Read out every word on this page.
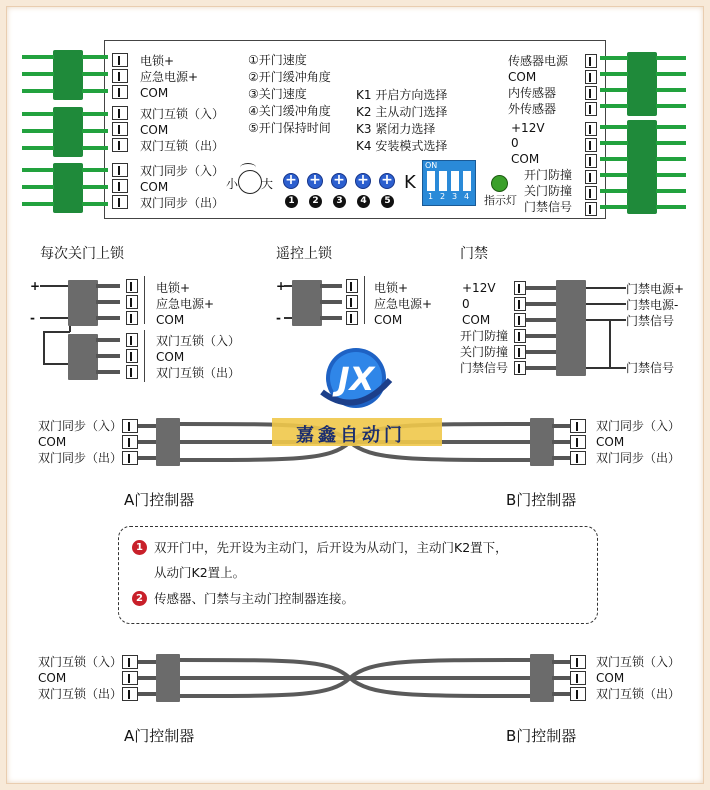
电锁+
应急电源+
COM
双门互锁（入）
COM
双门互锁（出）
双门同步（入）
COM
双门同步（出）
①开门速度
②开门缓冲角度
③关门速度
④关门缓冲角度
⑤开门保持时间
K1 开启方向选择
K2 主从动门选择
K3 紧闭力选择
K4 安装模式选择
小 大
+
+
+
+
+
1	2	3	4	5
K
ON
1 2 3 4 指示灯
传感器电源
COM
内传感器
外传感器
+12V
0
COM
开门防撞
关门防撞
门禁信号
每次关门上锁	遥控上锁	门禁
+
-
电锁+
应急电源+
COM
双门互锁（入）
COM
双门互锁（出）
+
-
电锁+
应急电源+
COM
+12V
0
COM
开门防撞
关门防撞
门禁信号
门禁电源+
门禁电源-
门禁信号
门禁信号
JX
嘉鑫自动门
双门同步（入）
COM
双门同步（出）
双门同步（入）
COM
双门同步（出）
A门控制器	B门控制器
1 双开门中，先开设为主动门，后开设为从动门，主动门K2置下，
从动门K2置上。
2 传感器、门禁与主动门控制器连接。
双门互锁（入）
COM
双门互锁（出）
双门互锁（入）
COM
双门互锁（出）
A门控制器	B门控制器
